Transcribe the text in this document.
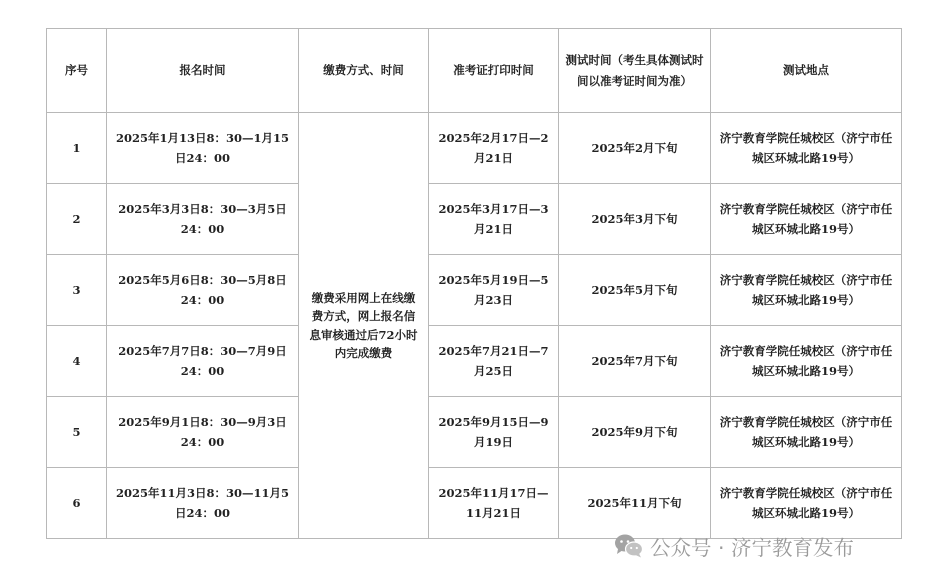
序号	报名时间	缴费方式、时间	准考证打印时间	测试时间（考生具体测试时间以准考证时间为准）	测试地点
1	2025年1月13日8：30—1月15日24：00	缴费采用网上在线缴费方式，网上报名信息审核通过后72小时内完成缴费	2025年2月17日—2月21日	2025年2月下旬	济宁教育学院任城校区（济宁市任城区环城北路19号）
2	2025年3月3日8：30—3月5日24：00		2025年3月17日—3月21日	2025年3月下旬	济宁教育学院任城校区（济宁市任城区环城北路19号）
3	2025年5月6日8：30—5月8日24：00		2025年5月19日—5月23日	2025年5月下旬	济宁教育学院任城校区（济宁市任城区环城北路19号）
4	2025年7月7日8：30—7月9日24：00		2025年7月21日—7月25日	2025年7月下旬	济宁教育学院任城校区（济宁市任城区环城北路19号）
5	2025年9月1日8：30—9月3日24：00		2025年9月15日—9月19日	2025年9月下旬	济宁教育学院任城校区（济宁市任城区环城北路19号）
6	2025年11月3日8：30—11月5日24：00		2025年11月17日—11月21日	2025年11月下旬	济宁教育学院任城校区（济宁市任城区环城北路19号）
公众号 · 济宁教育发布
